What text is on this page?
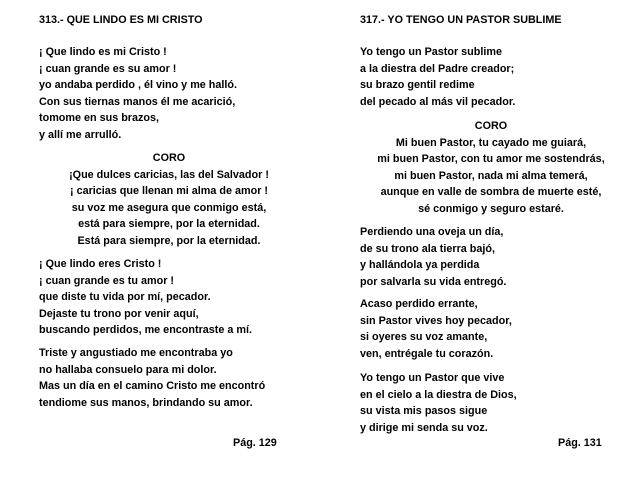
313.- QUE LINDO ES MI CRISTO
¡ Que lindo es mi Cristo !
¡ cuan grande es su amor !
yo andaba perdido , él vino y me halló.
Con sus tiernas manos él me acarició,
tomome en sus brazos,
y allí me arrulló.
CORO
¡Que dulces caricias, las del Salvador !
¡ caricias que llenan mi alma de amor !
su voz me asegura que conmigo está,
está para siempre, por la eternidad.
Está para siempre, por la eternidad.
¡ Que lindo eres Cristo !
¡ cuan grande es tu amor !
que diste tu vida por mí, pecador.
Dejaste tu trono por venir aquí,
buscando perdidos, me encontraste a mí.
Triste y angustiado me encontraba yo
no hallaba consuelo para mi dolor.
Mas un día en el camino Cristo me encontró
tendiome sus manos, brindando su amor.
Pág. 129
317.- YO TENGO UN PASTOR SUBLIME
Yo tengo un Pastor sublime
a la diestra del Padre creador;
su brazo gentil redime
del pecado al más vil pecador.
CORO
Mi buen Pastor, tu cayado me guiará,
mi buen Pastor, con tu amor me sostendrás,
mi buen Pastor, nada mi alma temerá,
aunque en valle de sombra de muerte esté,
sé conmigo y seguro estaré.
Perdiendo una oveja un día,
de su trono ala tierra bajó,
y hallándola ya perdida
por salvarla su vida entregó.
Acaso perdido errante,
sin Pastor vives hoy pecador,
si oyeres su voz amante,
ven, entrégale tu corazón.
Yo tengo un Pastor que vive
en el cielo a la diestra de Dios,
su vista mis pasos sigue
y dirige mi senda su voz.
Pág. 131
